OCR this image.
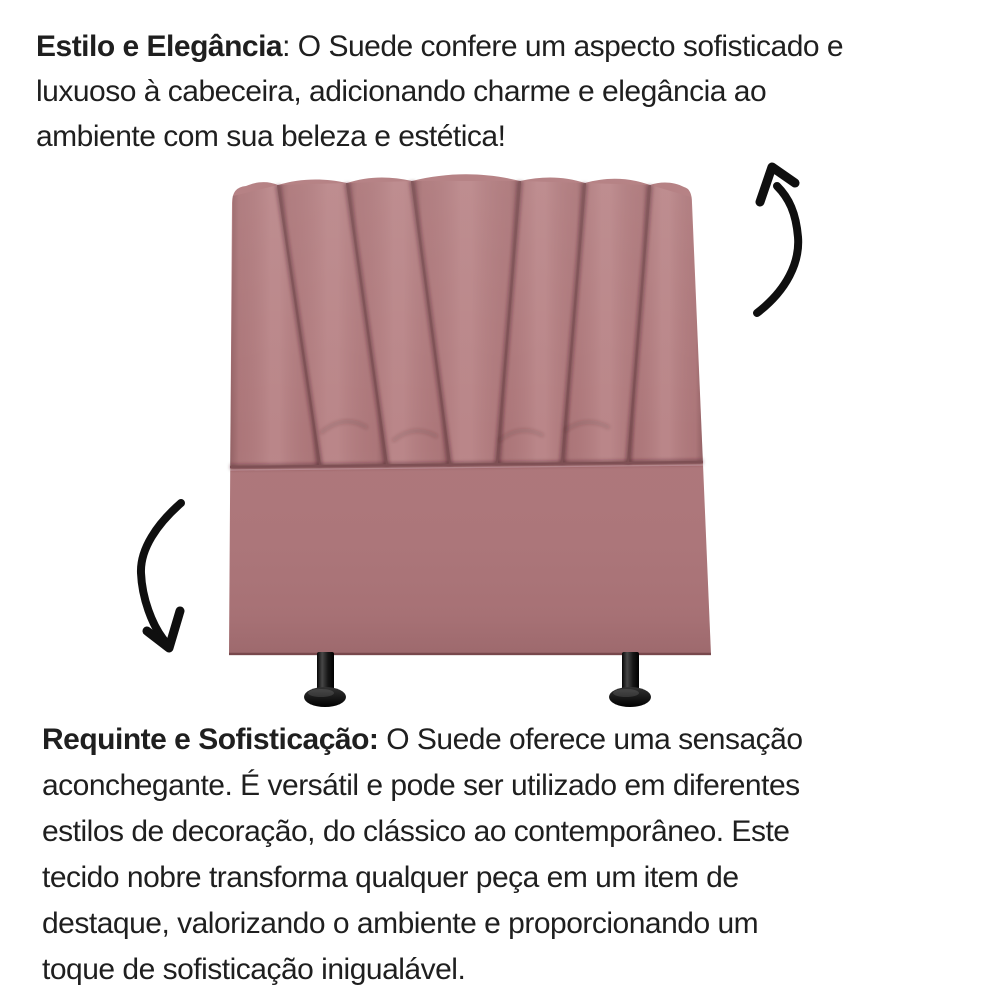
Estilo e Elegância: O Suede confere um aspecto sofisticado e
luxuoso à cabeceira, adicionando charme e elegância ao
ambiente com sua beleza e estética!
Requinte e Sofisticação: O Suede oferece uma sensação
aconchegante. É versátil e pode ser utilizado em diferentes
estilos de decoração, do clássico ao contemporâneo. Este
tecido nobre transforma qualquer peça em um item de
destaque, valorizando o ambiente e proporcionando um
toque de sofisticação inigualável.
